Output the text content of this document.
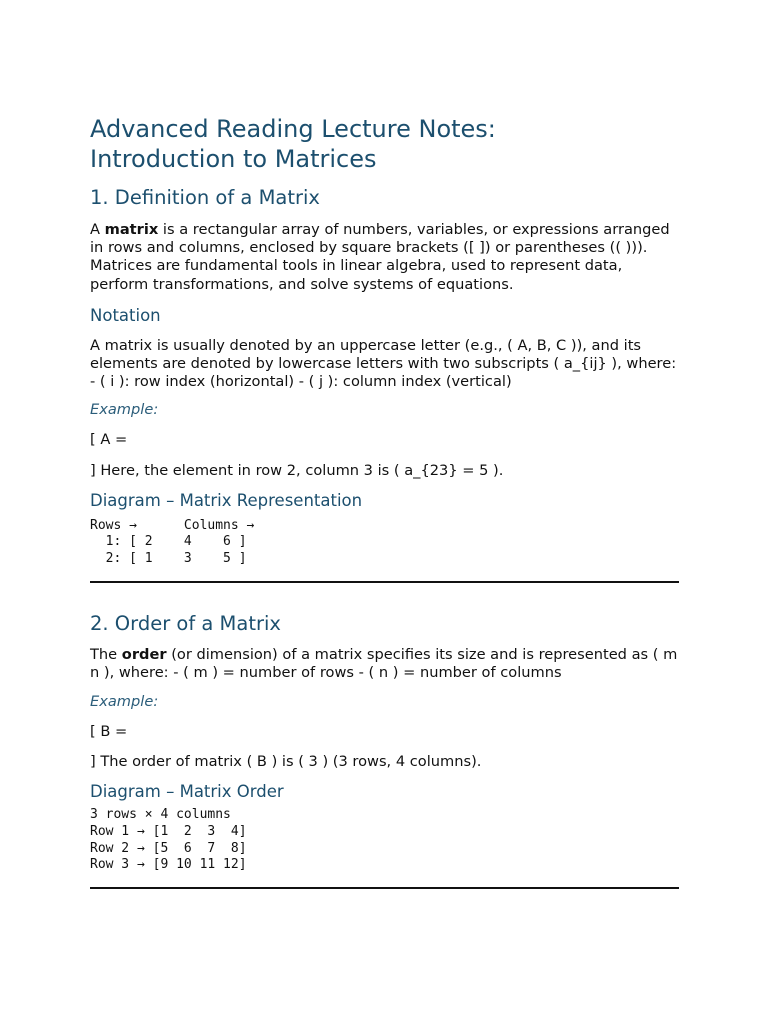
Advanced Reading Lecture Notes:
Introduction to Matrices
1. Definition of a Matrix

A matrix is a rectangular array of numbers, variables, or expressions arranged in rows and columns, enclosed by square brackets ([ ]) or parentheses (( ))). Matrices are fundamental tools in linear algebra, used to represent data, perform transformations, and solve systems of equations.

Notation

A matrix is usually denoted by an uppercase letter (e.g., ( A, B, C )), and its elements are denoted by lowercase letters with two subscripts ( a_{ij} ), where: - ( i ): row index (horizontal) - ( j ): column index (vertical)

Example:

[ A =

] Here, the element in row 2, column 3 is ( a_{23} = 5 ).

Diagram – Matrix Representation
Rows →      Columns →
1: [ 2    4    6 ]
2: [ 1    3    5 ]
2. Order of a Matrix

The order (or dimension) of a matrix specifies its size and is represented as ( m n ), where: - ( m ) = number of rows - ( n ) = number of columns

Example:

[ B =

] The order of matrix ( B ) is ( 3 ) (3 rows, 4 columns).

Diagram – Matrix Order
3 rows × 4 columns
Row 1 → [1  2  3  4]
Row 2 → [5  6  7  8]
Row 3 → [9 10 11 12]
